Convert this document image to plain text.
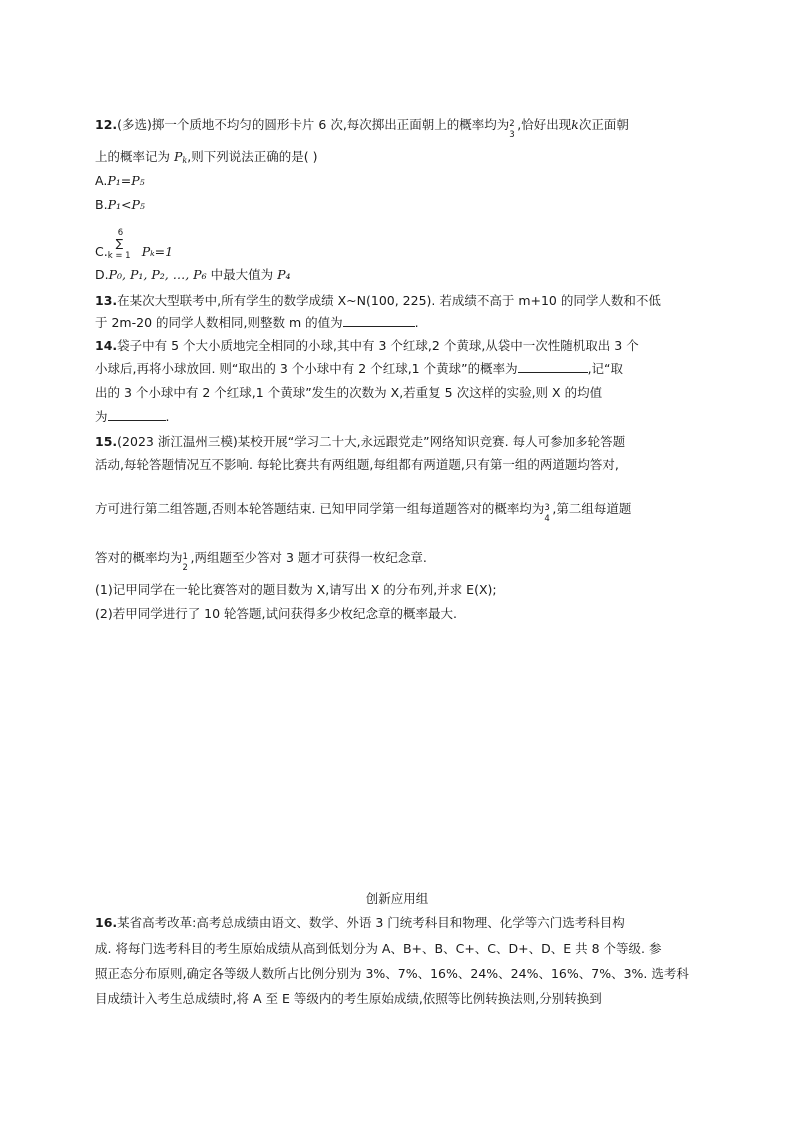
12.(多选)掷一个质地不均匀的圆形卡片 6 次,每次掷出正面朝上的概率均为 2
3
,恰好出现k次正面朝
上的概率记为 $P_k$,则下列说法正确的是( )
A.P₁=P₅
B.P₁<P₅
C.
6
∑
k = 1 Pₖ=1
D.P₀, P₁, P₂, …, P₆ 中最大值为 P₄
13.在某次大型联考中,所有学生的数学成绩 X~N(100, 225). 若成绩不高于 m+10 的同学人数和不低
于 2m-20 的同学人数相同,则整数 m 的值为	.
14.袋子中有 5 个大小质地完全相同的小球,其中有 3 个红球,2 个黄球,从袋中一次性随机取出 3 个
小球后,再将小球放回. 则“取出的 3 个小球中有 2 个红球,1 个黄球”的概率为	,记“取
出的 3 个小球中有 2 个红球,1 个黄球”发生的次数为 X,若重复 5 次这样的实验,则 X 的均值
为	.
15.(2023 浙江温州三模)某校开展“学习二十大,永远跟党走”网络知识竞赛. 每人可参加多轮答题
活动,每轮答题情况互不影响. 每轮比赛共有两组题,每组都有两道题,只有第一组的两道题均答对,
方可进行第二组答题,否则本轮答题结束. 已知甲同学第一组每道题答对的概率均为 3
4
,第二组每道题
答对的概率均为 1
2
,两组题至少答对 3 题才可获得一枚纪念章.
(1)记甲同学在一轮比赛答对的题目数为 X,请写出 X 的分布列,并求 E(X);
(2)若甲同学进行了 10 轮答题,试问获得多少枚纪念章的概率最大.
创新应用组
16.某省高考改革:高考总成绩由语文、数学、外语 3 门统考科目和物理、化学等六门选考科目构
成. 将每门选考科目的考生原始成绩从高到低划分为 A、B+、B、C+、C、D+、D、E 共 8 个等级. 参
照正态分布原则,确定各等级人数所占比例分别为 3%、7%、16%、24%、24%、16%、7%、3%. 选考科
目成绩计入考生总成绩时,将 A 至 E 等级内的考生原始成绩,依照等比例转换法则,分别转换到
